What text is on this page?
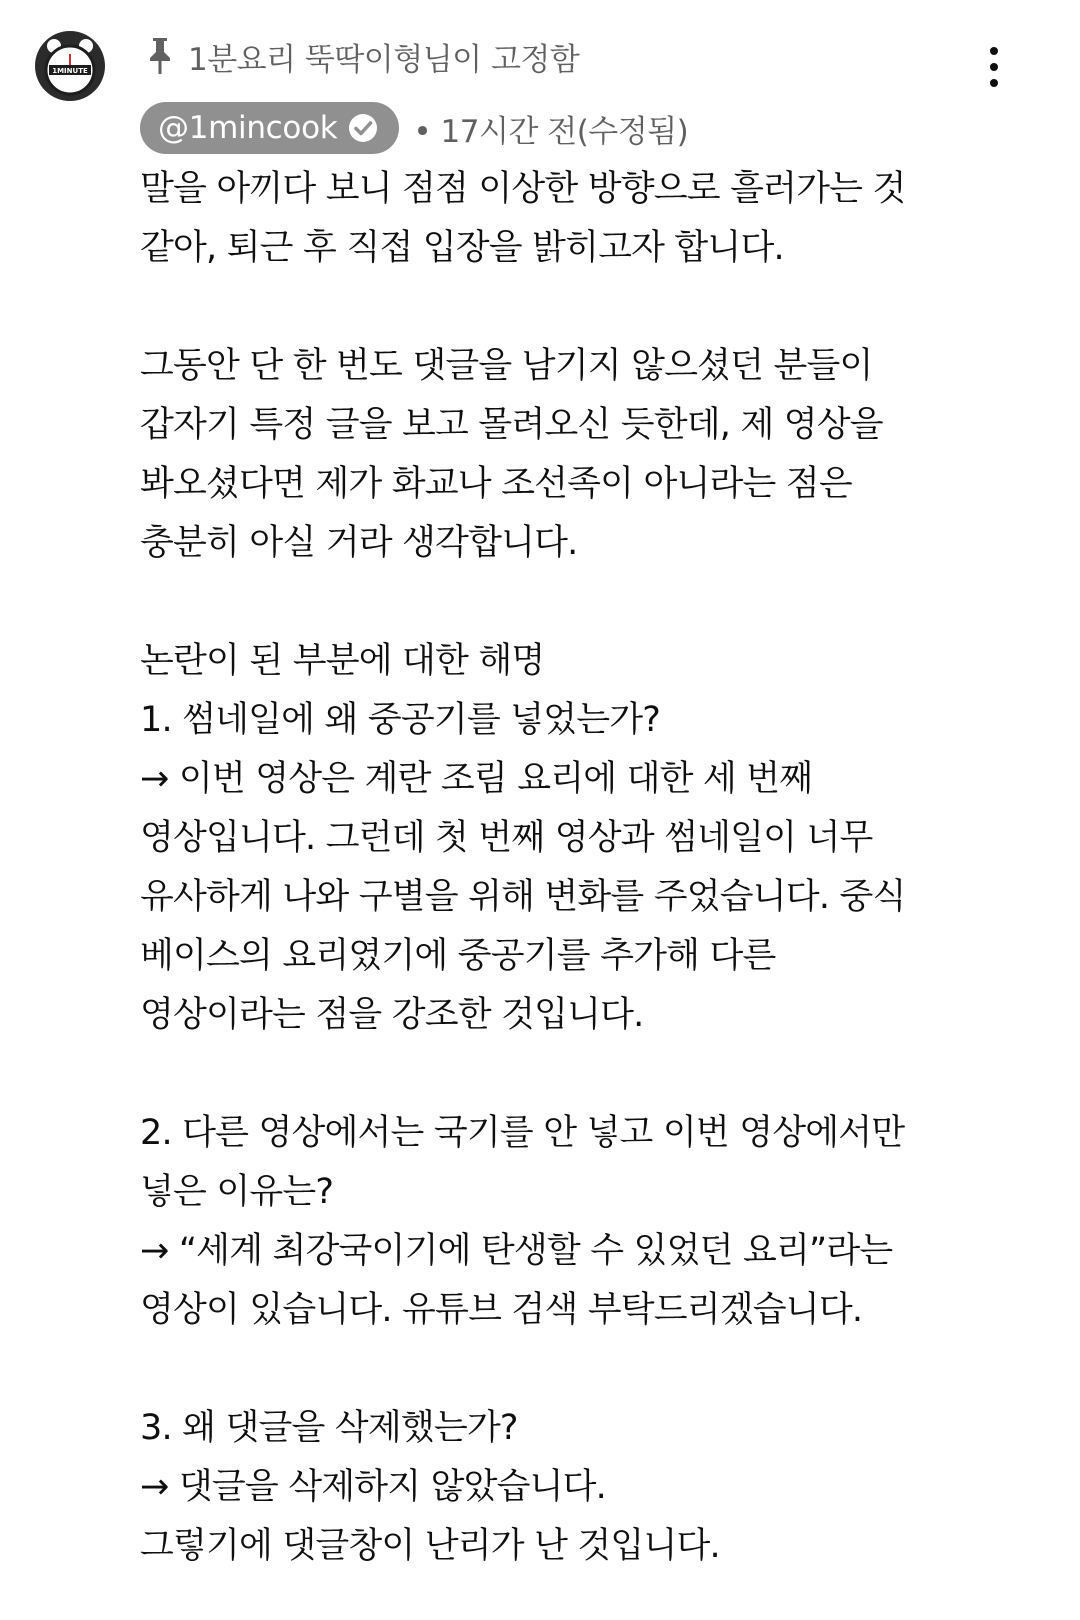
1MINUTE	1분요리 뚝딱이형님이 고정함
@1mincook • 17시간 전(수정됨)
말을 아끼다 보니 점점 이상한 방향으로 흘러가는 것
같아, 퇴근 후 직접 입장을 밝히고자 합니다.
그동안 단 한 번도 댓글을 남기지 않으셨던 분들이
갑자기 특정 글을 보고 몰려오신 듯한데, 제 영상을
봐오셨다면 제가 화교나 조선족이 아니라는 점은
충분히 아실 거라 생각합니다.
논란이 된 부분에 대한 해명
1. 썸네일에 왜 중공기를 넣었는가?
→ 이번 영상은 계란 조림 요리에 대한 세 번째
영상입니다. 그런데 첫 번째 영상과 썸네일이 너무
유사하게 나와 구별을 위해 변화를 주었습니다. 중식
베이스의 요리였기에 중공기를 추가해 다른
영상이라는 점을 강조한 것입니다.
2. 다른 영상에서는 국기를 안 넣고 이번 영상에서만
넣은 이유는?
→ “세계 최강국이기에 탄생할 수 있었던 요리”라는
영상이 있습니다. 유튜브 검색 부탁드리겠습니다.
3. 왜 댓글을 삭제했는가?
→ 댓글을 삭제하지 않았습니다.
그렇기에 댓글창이 난리가 난 것입니다.
